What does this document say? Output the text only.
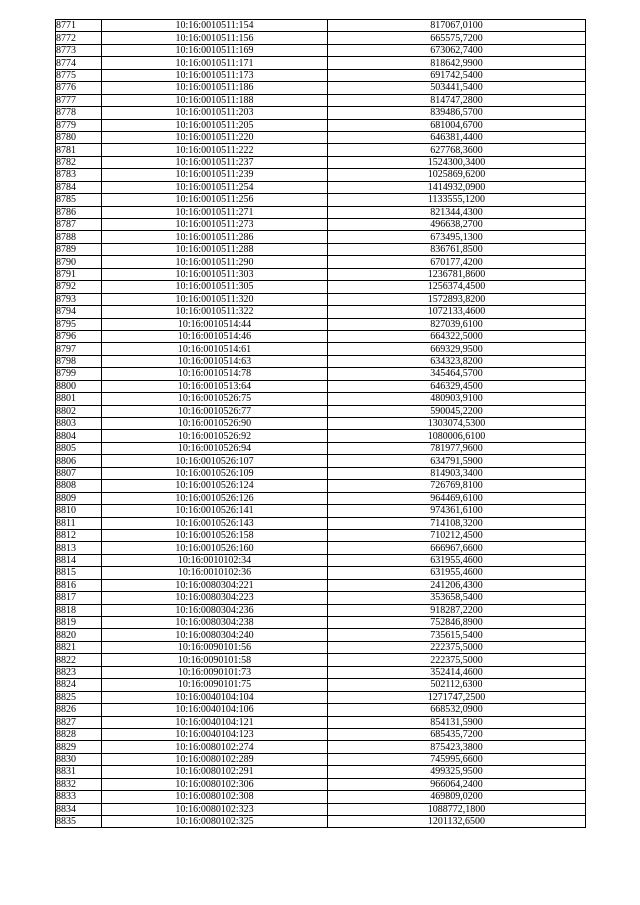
8771	10:16:0010511:154	817067,0100
8772	10:16:0010511:156	665575,7200
8773	10:16:0010511:169	673062,7400
8774	10:16:0010511:171	818642,9900
8775	10:16:0010511:173	691742,5400
8776	10:16:0010511:186	503441,5400
8777	10:16:0010511:188	814747,2800
8778	10:16:0010511:203	839486,5700
8779	10:16:0010511:205	681004,6700
8780	10:16:0010511:220	646381,4400
8781	10:16:0010511:222	627768,3600
8782	10:16:0010511:237	1524300,3400
8783	10:16:0010511:239	1025869,6200
8784	10:16:0010511:254	1414932,0900
8785	10:16:0010511:256	1133555,1200
8786	10:16:0010511:271	821344,4300
8787	10:16:0010511:273	496638,2700
8788	10:16:0010511:286	673495,1300
8789	10:16:0010511:288	836761,8500
8790	10:16:0010511:290	670177,4200
8791	10:16:0010511:303	1236781,8600
8792	10:16:0010511:305	1256374,4500
8793	10:16:0010511:320	1572893,8200
8794	10:16:0010511:322	1072133,4600
8795	10:16:0010514:44	827039,6100
8796	10:16:0010514:46	664322,5000
8797	10:16:0010514:61	669329,9500
8798	10:16:0010514:63	634323,8200
8799	10:16:0010514:78	345464,5700
8800	10:16:0010513:64	646329,4500
8801	10:16:0010526:75	480903,9100
8802	10:16:0010526:77	590045,2200
8803	10:16:0010526:90	1303074,5300
8804	10:16:0010526:92	1080006,6100
8805	10:16:0010526:94	781977,9600
8806	10:16:0010526:107	634791,5900
8807	10:16:0010526:109	814903,3400
8808	10:16:0010526:124	726769,8100
8809	10:16:0010526:126	964469,6100
8810	10:16:0010526:141	974361,6100
8811	10:16:0010526:143	714108,3200
8812	10:16:0010526:158	710212,4500
8813	10:16:0010526:160	666967,6600
8814	10:16:0010102:34	631955,4600
8815	10:16:0010102:36	631955,4600
8816	10:16:0080304:221	241206,4300
8817	10:16:0080304:223	353658,5400
8818	10:16:0080304:236	918287,2200
8819	10:16:0080304:238	752846,8900
8820	10:16:0080304:240	735615,5400
8821	10:16:0090101:56	222375,5000
8822	10:16:0090101:58	222375,5000
8823	10:16:0090101:73	352414,4600
8824	10:16:0090101:75	502112,6300
8825	10:16:0040104:104	1271747,2500
8826	10:16:0040104:106	668532,0900
8827	10:16:0040104:121	854131,5900
8828	10:16:0040104:123	685435,7200
8829	10:16:0080102:274	875423,3800
8830	10:16:0080102:289	745995,6600
8831	10:16:0080102:291	499325,9500
8832	10:16:0080102:306	966064,2400
8833	10:16:0080102:308	469809,0200
8834	10:16:0080102:323	1088772,1800
8835	10:16:0080102:325	1201132,6500
